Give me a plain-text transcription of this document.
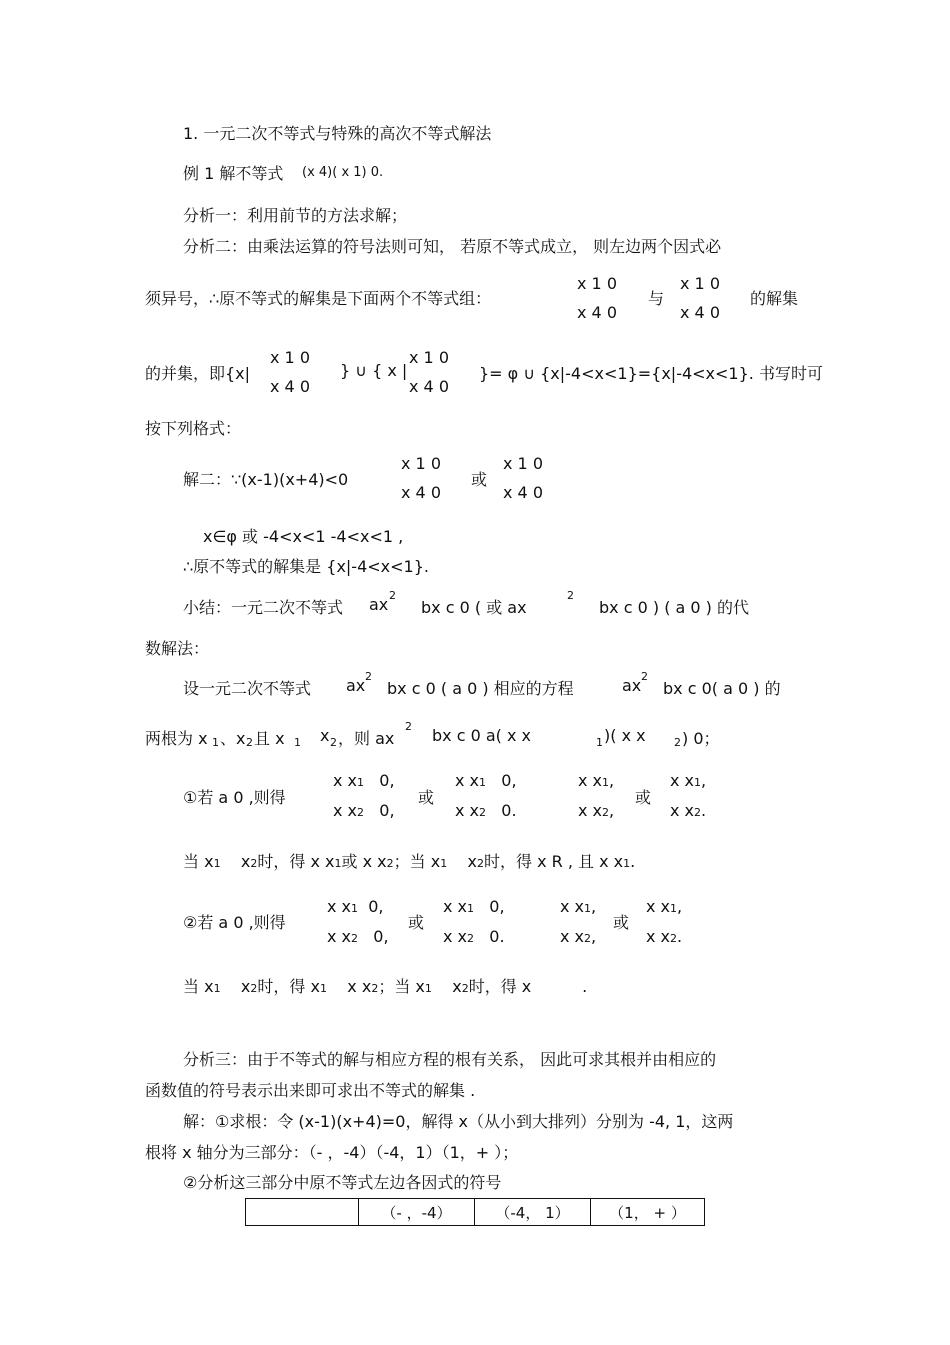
1. 一元二次不等式与特殊的高次不等式解法
例 1 解不等式 (x 4)( x 1) 0.
分析一：利用前节的方法求解；
分析二：由乘法运算的符号法则可知， 若原不等式成立， 则左边两个因式必
须异号，∴原不等式的解集是下面两个不等式组：
x 1 0
x 4 0
与
x 1 0
x 4 0
的解集
的并集，即{x|
x 1 0
x 4 0
} ∪ { x |
x 1 0
x 4 0
}= φ ∪ {x|-4<x<1}={x|-4<x<1}. 书写时可
按下列格式：
解二：∵(x-1)(x+4)<0
x 1 0
x 4 0
或
x 1 0
x 4 0
x∈φ 或 -4<x<1 -4<x<1 ,
∴原不等式的解集是 {x|-4<x<1}.
小结：一元二次不等式 ax 2
bx c 0 ( 或 ax
2
bx c 0 ) ( a 0 ) 的代
数解法：
设一元二次不等式 ax 2
bx c 0 ( a 0 ) 相应的方程	ax 2
bx c 0( a 0 ) 的
两根为 x 1 、x 2 且 x 1 x 2 ，则 ax
2 bx c 0 a( x x	1 )( x x	2 ) 0；
①若 a 0 ,则得
x x1 0,
x x2 0,
或
x x1 0,
x x2 0.
x x1,
x x2,
或
x x1,
x x2.
当 x1 x2时，得 x x1或 x x2；当 x1 x2时，得 x R , 且 x x1.
②若 a 0 ,则得
x x1 0,
x x2 0,
或
x x1 0,
x x2 0.
x x1,
x x2,
或
x x1,
x x2.
当 x1 x2时，得 x1 x x2；当 x1 x2时，得 x	.
分析三：由于不等式的解与相应方程的根有关系， 因此可求其根并由相应的
函数值的符号表示出来即可求出不等式的解集 .
解：①求根：令 (x-1)(x+4)=0，解得 x（从小到大排列）分别为 -4, 1，这两
根将 x 轴分为三部分：（- ，-4）（-4，1）（1，+ ）；
②分析这三部分中原不等式左边各因式的符号
	（- ，-4）	（-4， 1）	（1， + ）
